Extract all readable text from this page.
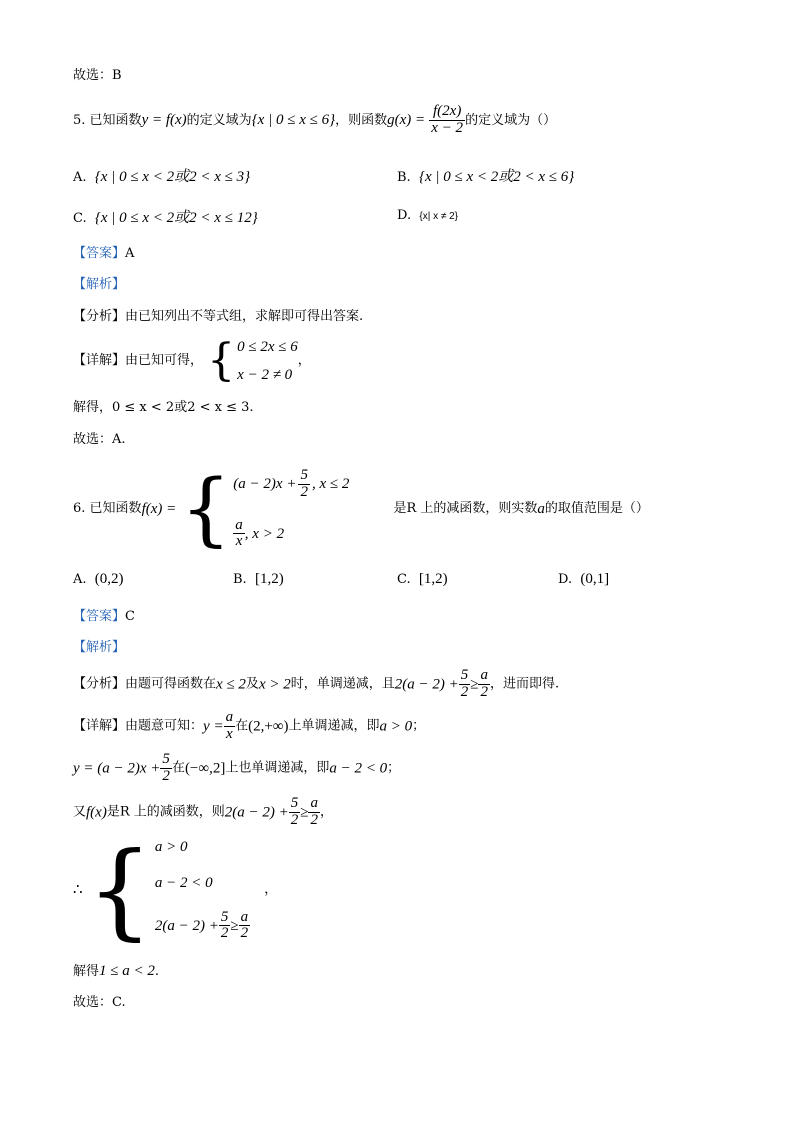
故选：B
5. 已知函数y = f(x)的定义域为{x | 0 ≤ x ≤ 6}，则函数$g(x) = \frac{f(2x)}{x - 2}$ 的定义域为（）
A. {x | 0 ≤ x < 2或2 < x ≤ 3}	B. {x | 0 ≤ x < 2或2 < x ≤ 6}
C. {x | 0 ≤ x < 2或2 < x ≤ 12}	D. {x| x ≠ 2}
【答案】A
【解析】
【分析】由已知列出不等式组，求解即可得出答案.
【详解】由已知可得， { 0 ≤ 2x ≤ 6
x − 2 ≠ 0
，
解得，0 ≤ x < 2或2 < x ≤ 3.
故选：A.
6. 已知函数f(x) = { $(a - 2)x + \frac{5}{2}$ , x ≤ 2
$\frac{a}{x}$ , x > 2
是R 上的减函数，则实数a的取值范围是（）
A. (0,2)	B. [1,2)	C. [1,2)	D. (0,1]
【答案】C
【解析】
【分析】由题可得函数在x ≤ 2及x > 2时，单调递减，且$2(a - 2) + \frac{5}{2} \ge \frac{a}{2}$ ，进而即得.
【详解】由题意可知：$y = \frac{a}{x}$ 在(2,+∞)上单调递减，即a > 0；
$y = (a - 2)x + \frac{5}{2}$ 在(−∞,2]上也单调递减，即a − 2 < 0；
又f(x)是R 上的减函数，则$2(a - 2) + \frac{5}{2} \ge \frac{a}{2}$ ，
∴ { a > 0
a − 2 < 0
$2(a - 2) + \frac{5}{2} \ge \frac{a}{2}$
，
解得1 ≤ a < 2.
故选：C.
